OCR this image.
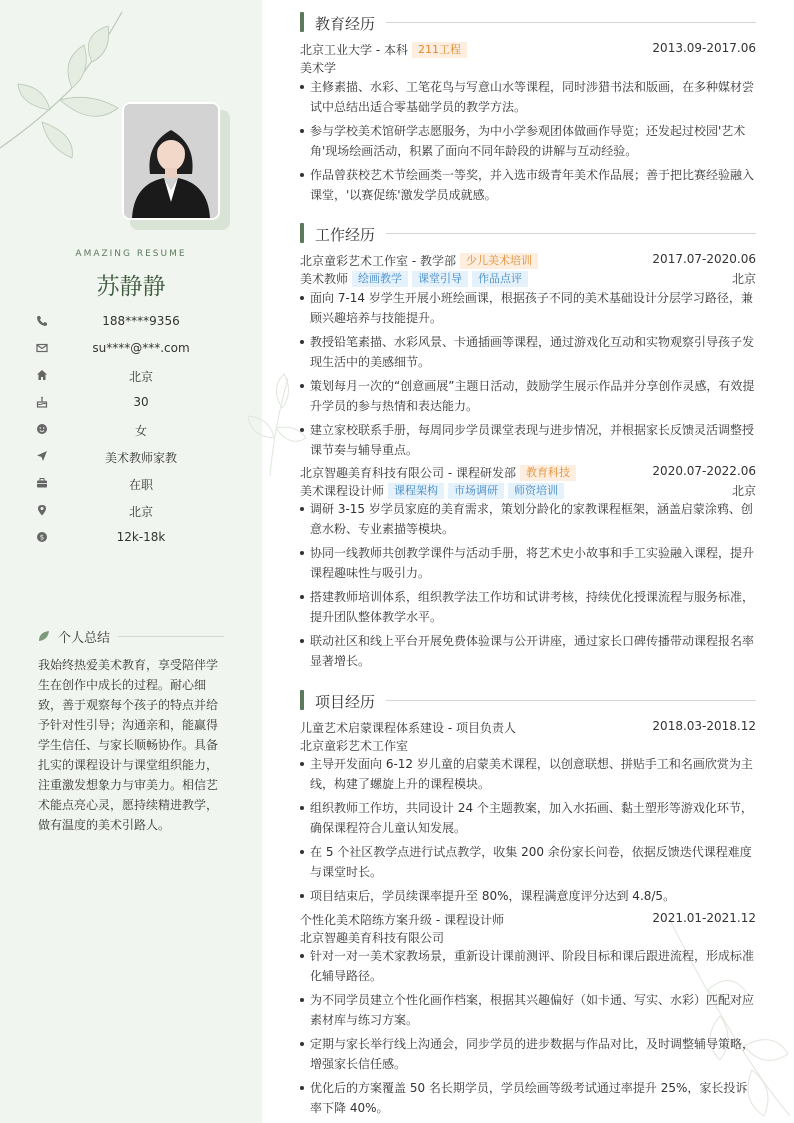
AMAZING RESUME
苏静静
188****9356
su****@***.com
北京
30
女
美术教师家教
在职
北京
$	12k-18k
个人总结
我始终热爱美术教育，享受陪伴学生在创作中成长的过程。耐心细致，善于观察每个孩子的特点并给予针对性引导；沟通亲和，能赢得学生信任、与家长顺畅协作。具备扎实的课程设计与课堂组织能力，注重激发想象力与审美力。相信艺术能点亮心灵，愿持续精进教学，做有温度的美术引路人。
教育经历
北京工业大学 - 本科 211工程	2013.09-2017.06
美术学
主修素描、水彩、工笔花鸟与写意山水等课程，同时涉猎书法和版画，在多种媒材尝试中总结出适合零基础学员的教学方法。
参与学校美术馆研学志愿服务，为中小学参观团体做画作导览；还发起过校园'艺术角'现场绘画活动，积累了面向不同年龄段的讲解与互动经验。
作品曾获校艺术节绘画类一等奖，并入选市级青年美术作品展；善于把比赛经验融入课堂，'以赛促练'激发学员成就感。
工作经历
北京童彩艺术工作室 - 教学部 少儿美术培训	2017.07-2020.06
美术教师 绘画教学 课堂引导 作品点评	北京
面向 7-14 岁学生开展小班绘画课，根据孩子不同的美术基础设计分层学习路径，兼顾兴趣培养与技能提升。
教授铅笔素描、水彩风景、卡通插画等课程，通过游戏化互动和实物观察引导孩子发现生活中的美感细节。
策划每月一次的“创意画展”主题日活动，鼓励学生展示作品并分享创作灵感，有效提升学员的参与热情和表达能力。
建立家校联系手册，每周同步学员课堂表现与进步情况，并根据家长反馈灵活调整授课节奏与辅导重点。
北京智趣美育科技有限公司 - 课程研发部 教育科技	2020.07-2022.06
美术课程设计师 课程架构 市场调研 师资培训	北京
调研 3-15 岁学员家庭的美育需求，策划分龄化的家教课程框架，涵盖启蒙涂鸦、创意水粉、专业素描等模块。
协同一线教师共创教学课件与活动手册，将艺术史小故事和手工实验融入课程，提升课程趣味性与吸引力。
搭建教师培训体系，组织教学法工作坊和试讲考核，持续优化授课流程与服务标准，提升团队整体教学水平。
联动社区和线上平台开展免费体验课与公开讲座，通过家长口碑传播带动课程报名率显著增长。
项目经历
儿童艺术启蒙课程体系建设 - 项目负责人	2018.03-2018.12
北京童彩艺术工作室
主导开发面向 6-12 岁儿童的启蒙美术课程，以创意联想、拼贴手工和名画欣赏为主线，构建了螺旋上升的课程模块。
组织教师工作坊，共同设计 24 个主题教案，加入水拓画、黏土塑形等游戏化环节，确保课程符合儿童认知发展。
在 5 个社区教学点进行试点教学，收集 200 余份家长问卷，依据反馈迭代课程难度与课堂时长。
项目结束后，学员续课率提升至 80%，课程满意度评分达到 4.8/5。
个性化美术陪练方案升级 - 课程设计师	2021.01-2021.12
北京智趣美育科技有限公司
针对一对一美术家教场景，重新设计课前测评、阶段目标和课后跟进流程，形成标准化辅导路径。
为不同学员建立个性化画作档案，根据其兴趣偏好（如卡通、写实、水彩）匹配对应素材库与练习方案。
定期与家长举行线上沟通会，同步学员的进步数据与作品对比，及时调整辅导策略，增强家长信任感。
优化后的方案覆盖 50 名长期学员，学员绘画等级考试通过率提升 25%，家长投诉率下降 40%。
